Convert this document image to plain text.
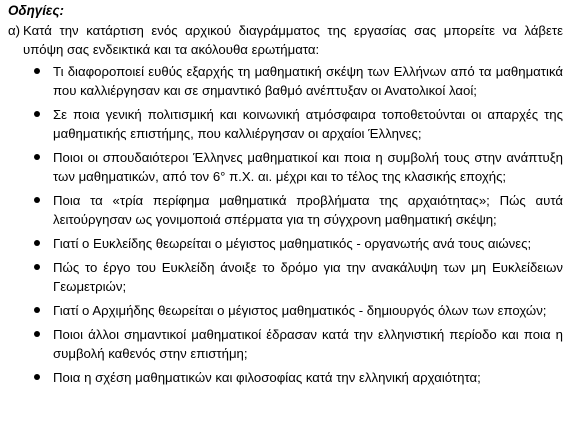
Οδηγίες:
α) Κατά την κατάρτιση ενός αρχικού διαγράμματος της εργασίας σας μπορείτε να λάβετε υπόψη σας ενδεικτικά και τα ακόλουθα ερωτήματα:
Τι διαφοροποιεί ευθύς εξαρχής τη μαθηματική σκέψη των Ελλήνων από τα μαθηματικά που καλλιέργησαν και σε σημαντικό βαθμό ανέπτυξαν οι Ανατολικοί λαοί;
Σε ποια γενική πολιτισμική και κοινωνική ατμόσφαιρα τοποθετούνται οι απαρχές της μαθηματικής επιστήμης, που καλλιέργησαν οι αρχαίοι Έλληνες;
Ποιοι οι σπουδαιότεροι Έλληνες μαθηματικοί και ποια η συμβολή τους στην ανάπτυξη των μαθηματικών, από τον 6° π.Χ. αι. μέχρι και το τέλος της κλασικής εποχής;
Ποια τα «τρία περίφημα μαθηματικά προβλήματα της αρχαιότητας»; Πώς αυτά λειτούργησαν ως γονιμοποιά σπέρματα για τη σύγχρονη μαθηματική σκέψη;
Γιατί ο Ευκλείδης θεωρείται ο μέγιστος μαθηματικός - οργανωτής ανά τους αιώνες;
Πώς το έργο του Ευκλείδη άνοιξε το δρόμο για την ανακάλυψη των μη Ευκλείδειων Γεωμετριών;
Γιατί ο Αρχιμήδης θεωρείται ο μέγιστος μαθηματικός - δημιουργός όλων των εποχών;
Ποιοι άλλοι σημαντικοί μαθηματικοί έδρασαν κατά την ελληνιστική περίοδο και ποια η συμβολή καθενός στην επιστήμη;
Ποια η σχέση μαθηματικών και φιλοσοφίας κατά την ελληνική αρχαιότητα;
